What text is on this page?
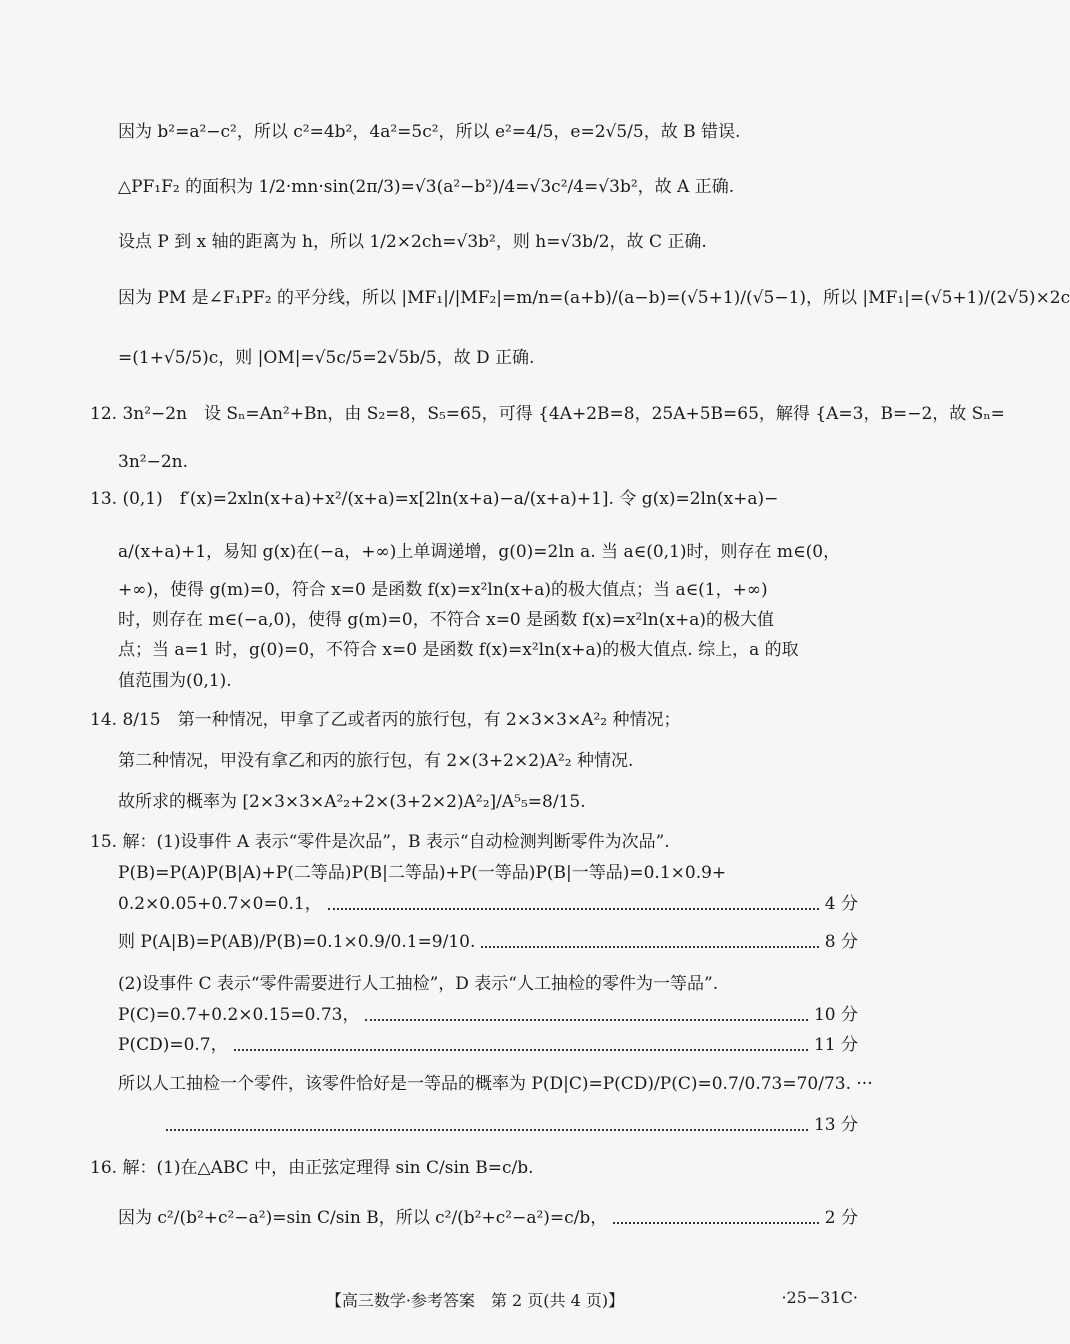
因为 b²=a²−c²，所以 c²=4b²，4a²=5c²，所以 e²=4/5，e=2√5/5，故 B 错误.
△PF₁F₂ 的面积为 1/2·mn·sin(2π/3)=√3(a²−b²)/4=√3c²/4=√3b²，故 A 正确.
设点 P 到 x 轴的距离为 h，所以 1/2×2ch=√3b²，则 h=√3b/2，故 C 正确.
因为 PM 是∠F₁PF₂ 的平分线，所以 |MF₁|/|MF₂|=m/n=(a+b)/(a−b)=(√5+1)/(√5−1)，所以 |MF₁|=(√5+1)/(2√5)×2c
=(1+√5/5)c，则 |OM|=√5c/5=2√5b/5，故 D 正确.
12. 3n²−2n　设 Sₙ=An²+Bn，由 S₂=8，S₅=65，可得 {4A+2B=8，25A+5B=65，解得 {A=3，B=−2，故 Sₙ=
3n²−2n.
13. (0,1)　f′(x)=2xln(x+a)+x²/(x+a)=x[2ln(x+a)−a/(x+a)+1]. 令 g(x)=2ln(x+a)−
a/(x+a)+1，易知 g(x)在(−a，+∞)上单调递增，g(0)=2ln a. 当 a∈(0,1)时，则存在 m∈(0，
+∞)，使得 g(m)=0，符合 x=0 是函数 f(x)=x²ln(x+a)的极大值点；当 a∈(1，+∞)
时，则存在 m∈(−a,0)，使得 g(m)=0，不符合 x=0 是函数 f(x)=x²ln(x+a)的极大值
点；当 a=1 时，g(0)=0，不符合 x=0 是函数 f(x)=x²ln(x+a)的极大值点. 综上，a 的取
值范围为(0,1).
14. 8/15　第一种情况，甲拿了乙或者丙的旅行包，有 2×3×3×A²₂ 种情况；
第二种情况，甲没有拿乙和丙的旅行包，有 2×(3+2×2)A²₂ 种情况.
故所求的概率为 [2×3×3×A²₂+2×(3+2×2)A²₂]/A⁵₅=8/15.
15. 解：(1)设事件 A 表示“零件是次品”，B 表示“自动检测判断零件为次品”.
P(B)=P(A)P(B|A)+P(二等品)P(B|二等品)+P(一等品)P(B|一等品)=0.1×0.9+
0.2×0.05+0.7×0=0.1，	4 分
则 P(A|B)=P(AB)/P(B)=0.1×0.9/0.1=9/10.	8 分
(2)设事件 C 表示“零件需要进行人工抽检”，D 表示“人工抽检的零件为一等品”.
P(C)=0.7+0.2×0.15=0.73，	10 分
P(CD)=0.7，	11 分
所以人工抽检一个零件，该零件恰好是一等品的概率为 P(D|C)=P(CD)/P(C)=0.7/0.73=70/73. ···
13 分
16. 解：(1)在△ABC 中，由正弦定理得 sin C/sin B=c/b.
因为 c²/(b²+c²−a²)=sin C/sin B，所以 c²/(b²+c²−a²)=c/b，	2 分
【高三数学·参考答案　第 2 页(共 4 页)】	·25−31C·
